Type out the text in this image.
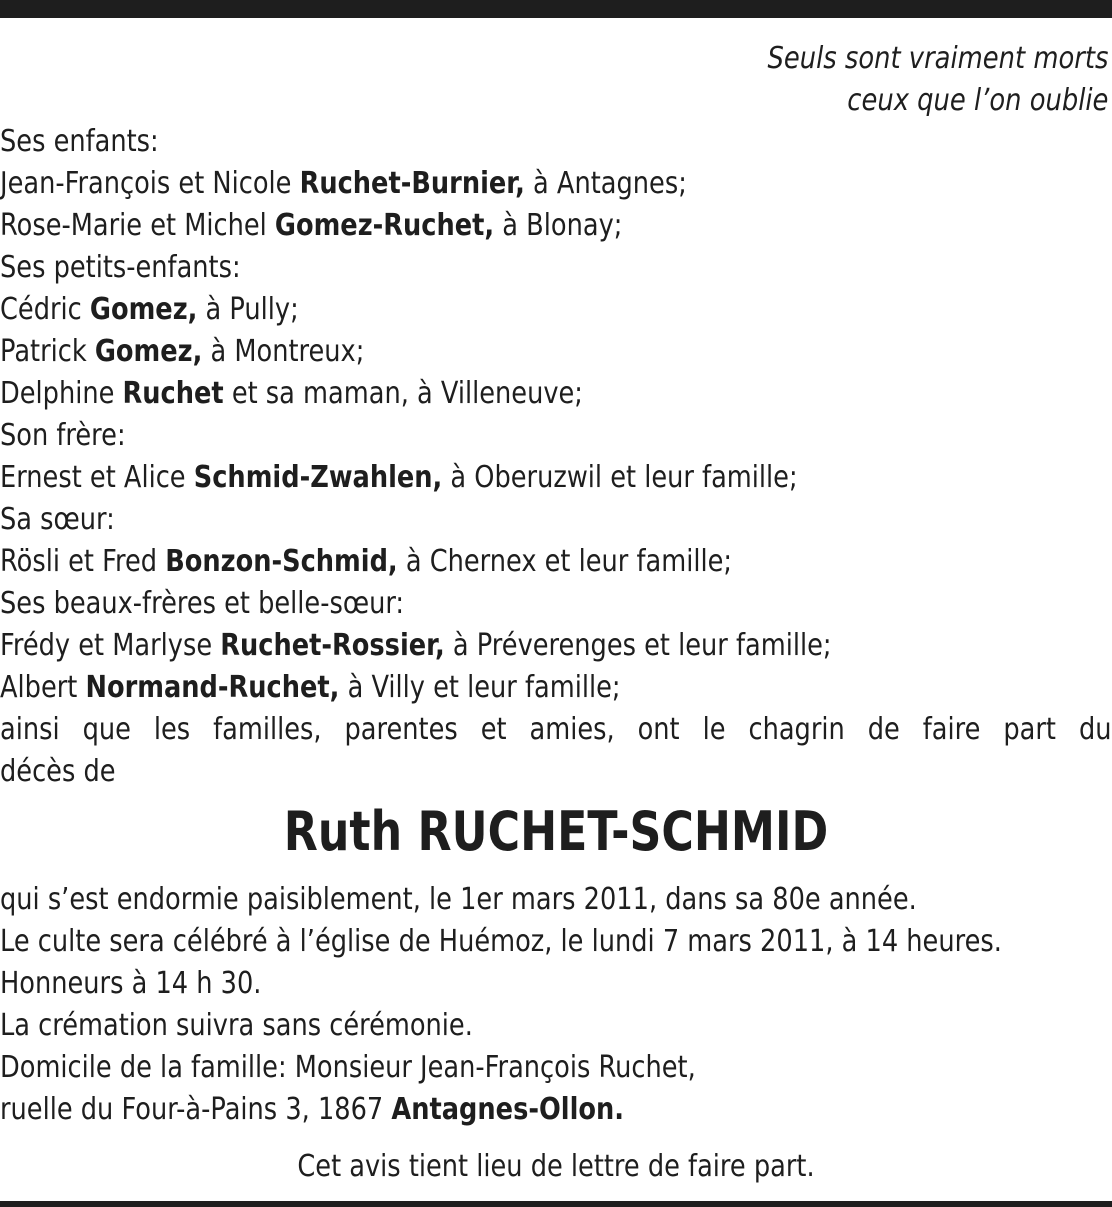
Seuls sont vraiment morts
ceux que l’on oublie
Ses enfants:
Jean-François et Nicole Ruchet-Burnier, à Antagnes;
Rose-Marie et Michel Gomez-Ruchet, à Blonay;
Ses petits-enfants:
Cédric Gomez, à Pully;
Patrick Gomez, à Montreux;
Delphine Ruchet et sa maman, à Villeneuve;
Son frère:
Ernest et Alice Schmid-Zwahlen, à Oberuzwil et leur famille;
Sa sœur:
Rösli et Fred Bonzon-Schmid, à Chernex et leur famille;
Ses beaux-frères et belle-sœur:
Frédy et Marlyse Ruchet-Rossier, à Préverenges et leur famille;
Albert Normand-Ruchet, à Villy et leur famille;
ainsi que les familles, parentes et amies, ont le chagrin de faire part du
décès de
Ruth RUCHET-SCHMID
qui s’est endormie paisiblement, le 1er mars 2011, dans sa 80e année.
Le culte sera célébré à l’église de Huémoz, le lundi 7 mars 2011, à 14 heures.
Honneurs à 14 h 30.
La crémation suivra sans cérémonie.
Domicile de la famille: Monsieur Jean-François Ruchet,
ruelle du Four-à-Pains 3, 1867 Antagnes-Ollon.
Cet avis tient lieu de lettre de faire part.
